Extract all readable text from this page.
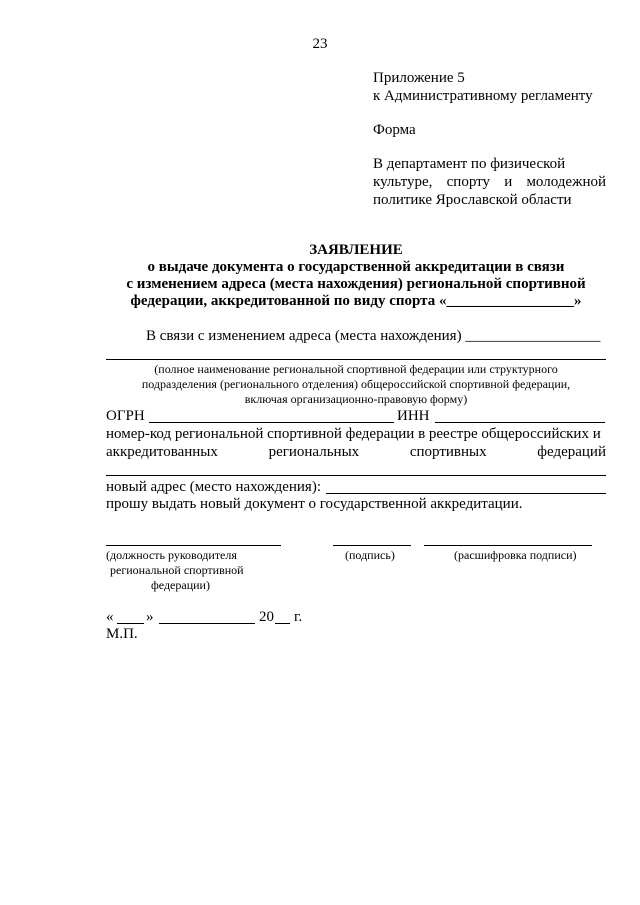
23
Приложение 5
к Административному регламенту
Форма
В департамент по физической
культуре, спорту и молодежной
политике Ярославской области
ЗАЯВЛЕНИЕ
о выдаче документа о государственной аккредитации в связи
с изменением адреса (места нахождения) региональной спортивной
федерации, аккредитованной по виду спорта «_________________»
В связи с изменением адреса (места нахождения) __________________
(полное наименование региональной спортивной федерации или структурного
подразделения (регионального отделения) общероссийской спортивной федерации,
включая организационно-правовую форму)
ОГРН	ИНН
номер-код региональной спортивной федерации в реестре общероссийских и
аккредитованных	региональных	спортивных	федераций
новый адрес (место нахождения):
прошу выдать новый документ о государственной аккредитации.
(должность руководителя
региональной спортивной
федерации)
(подпись)	(расшифровка подписи)
« »	20 г.
М.П.
